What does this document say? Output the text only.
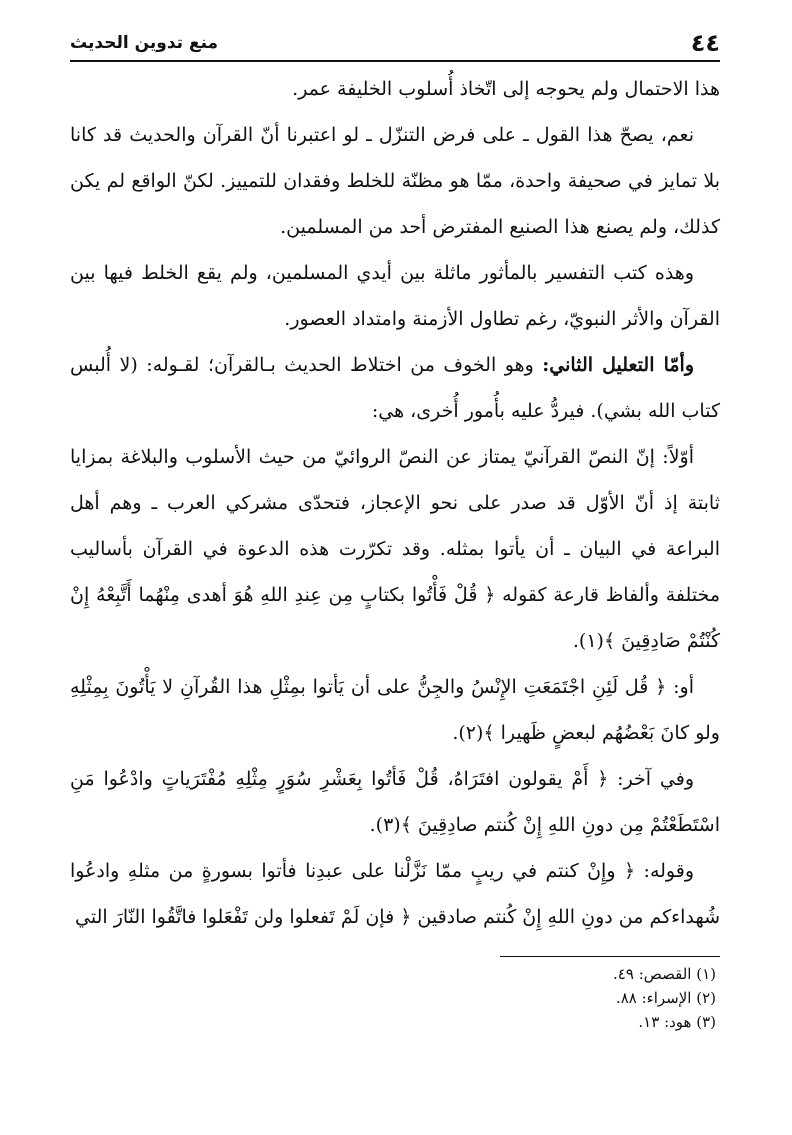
٤٤
منع تدوين الحديث

هذا الاحتمال ولم يحوجه إلى اتّخاذ أُسلوب الخليفة عمر.

نعم، يصحّ هذا القول ـ على فرض التنزّل ـ لو اعتبرنا أنّ القرآن والحديث قد كانا بلا تمايز في صحيفة واحدة، ممّا هو مظنّة للخلط وفقدان للتمييز. لكنّ الواقع لم يكن كذلك، ولم يصنع هذا الصنيع المفترض أحد من المسلمين.

وهذه كتب التفسير بالمأثور ماثلة بين أيدي المسلمين، ولم يقع الخلط فيها بين القرآن والأثر النبويّ، رغم تطاول الأزمنة وامتداد العصور.

وأمّا التعليل الثاني: وهو الخوف من اختلاط الحديث بـالقرآن؛ لقـوله: (لا أُلبس كتاب الله بشي). فيردُّ عليه بأُمور أُخرى، هي:

أوّلاً: إنّ النصّ القرآنيّ يمتاز عن النصّ الروائيّ من حيث الأسلوب والبلاغة بمزايا ثابتة إذ أنّ الأوّل قد صدر على نحو الإعجاز، فتحدّى مشركي العرب ـ وهم أهل البراعة في البيان ـ أن يأتوا بمثله. وقد تكرّرت هذه الدعوة في القرآن بأساليب مختلفة وألفاظ قارعة كقوله ﴿ قُلْ فَأْتُوا بكتابٍ مِن عِندِ اللهِ هُوَ أهدى مِنْهُما أَتَّبِعْهُ إِنْ كُنْتُمْ صَادِقِينَ ﴾(١).

أو: ﴿ قُل لَئِنِ اجْتَمَعَتِ الإِنْسُ والجِنُّ على أن يَأتوا بمِثْلِ هذا القُرآنِ لا يَأْتُونَ بِمِثْلِهِ ولو كانَ بَعْضُهُم لبعضٍ ظَهيرا ﴾(٢).

وفي آخر: ﴿ أَمْ يقولون افتَرَاهُ، قُلْ فَأتُوا بِعَشْرِ سُوَرٍ مِثْلِهِ مُفْتَرَياتٍ وادْعُوا مَنِ اسْتَطَعْتُمْ مِن دونِ اللهِ إِنْ كُنتم صادِقِينَ ﴾(٣).

وقوله: ﴿ وإِنْ كنتم في ريبٍ ممّا نَزَّلْنا على عبدِنا فأتوا بسورةٍ من مثلهِ وادعُوا شُهداءكم من دونِ اللهِ إِنْ كُنتم صادقين ﴿ فإن لَمْ تَفعلوا ولن تَفْعَلوا فاتَّقُوا النّارَ التي

(١) القصص: ٤٩.
(٢) الإسراء: ٨٨.
(٣) هود: ١٣.
